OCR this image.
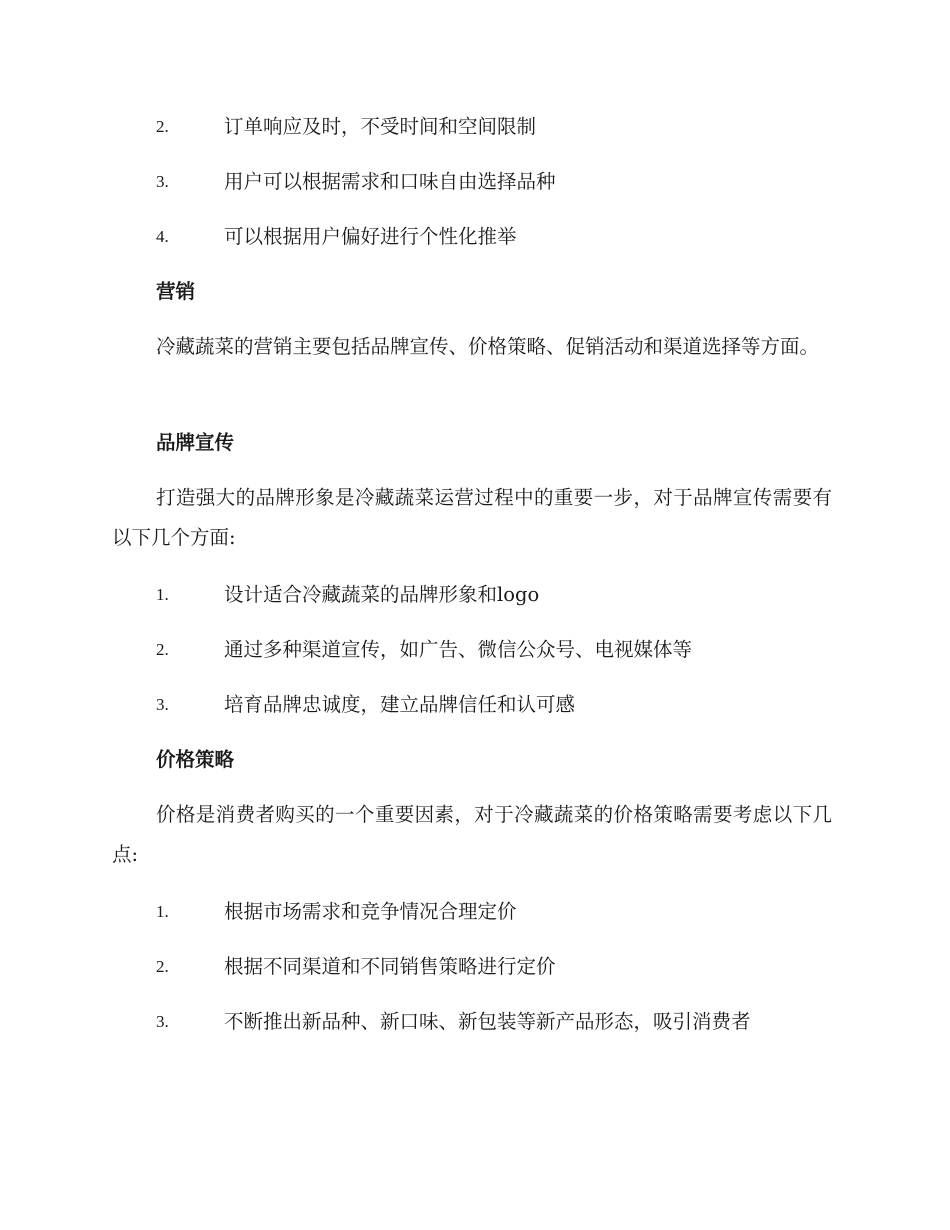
2.	订单响应及时，不受时间和空间限制
3.	用户可以根据需求和口味自由选择品种
4.	可以根据用户偏好进行个性化推举
营销

冷藏蔬菜的营销主要包括品牌宣传、价格策略、促销活动和渠道选择等方面。

品牌宣传

打造强大的品牌形象是冷藏蔬菜运营过程中的重要一步，对于品牌宣传需要有以下几个方面:

1.	设计适合冷藏蔬菜的品牌形象和logo
2.	通过多种渠道宣传，如广告、微信公众号、电视媒体等
3.	培育品牌忠诚度，建立品牌信任和认可感
价格策略

价格是消费者购买的一个重要因素，对于冷藏蔬菜的价格策略需要考虑以下几点:

1.	根据市场需求和竞争情况合理定价
2.	根据不同渠道和不同销售策略进行定价
3.	不断推出新品种、新口味、新包装等新产品形态，吸引消费者
